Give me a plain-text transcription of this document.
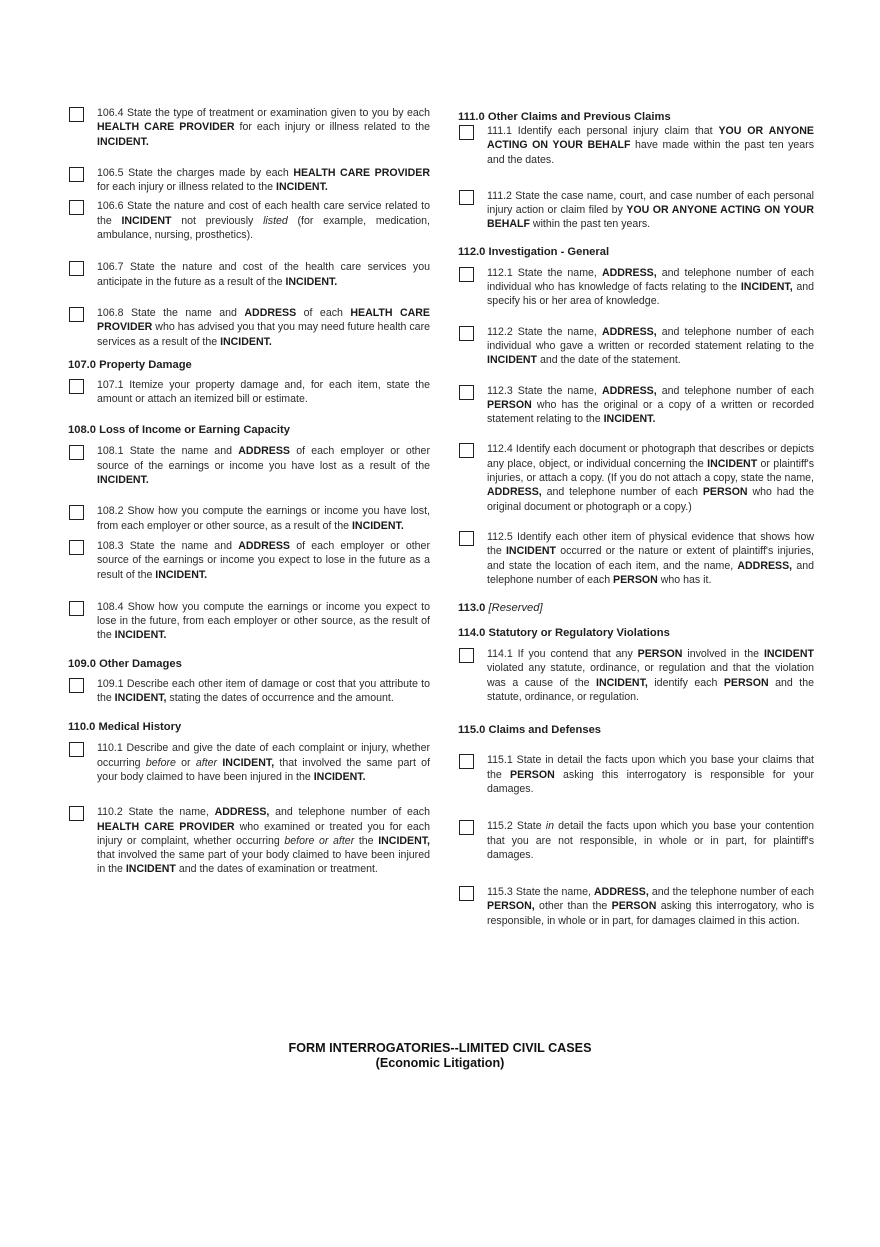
106.4 State the type of treatment or examination given to you by each HEALTH CARE PROVIDER for each injury or illness related to the INCIDENT.
106.5 State the charges made by each HEALTH CARE PROVIDER for each injury or illness related to the INCIDENT.
106.6 State the nature and cost of each health care service related to the INCIDENT not previously listed (for example, medication, ambulance, nursing, prosthetics).
106.7 State the nature and cost of the health care services you anticipate in the future as a result of the INCIDENT.
106.8 State the name and ADDRESS of each HEALTH CARE PROVIDER who has advised you that you may need future health care services as a result of the INCIDENT.
107.0 Property Damage
107.1 Itemize your property damage and, for each item, state the amount or attach an itemized bill or estimate.
108.0 Loss of Income or Earning Capacity
108.1 State the name and ADDRESS of each employer or other source of the earnings or income you have lost as a result of the INCIDENT.
108.2 Show how you compute the earnings or income you have lost, from each employer or other source, as a result of the INCIDENT.
108.3 State the name and ADDRESS of each employer or other source of the earnings or income you expect to lose in the future as a result of the INCIDENT.
108.4 Show how you compute the earnings or income you expect to lose in the future, from each employer or other source, as the result of the INCIDENT.
109.0 Other Damages
109.1 Describe each other item of damage or cost that you attribute to the INCIDENT, stating the dates of occurrence and the amount.
110.0 Medical History
110.1 Describe and give the date of each complaint or injury, whether occurring before or after INCIDENT, that involved the same part of your body claimed to have been injured in the INCIDENT.
110.2 State the name, ADDRESS, and telephone number of each HEALTH CARE PROVIDER who examined or treated you for each injury or complaint, whether occurring before or after the INCIDENT, that involved the same part of your body claimed to have been injured in the INCIDENT and the dates of examination or treatment.
111.0 Other Claims and Previous Claims
111.1 Identify each personal injury claim that YOU OR ANYONE ACTING ON YOUR BEHALF have made within the past ten years and the dates.
111.2 State the case name, court, and case number of each personal injury action or claim filed by YOU OR ANYONE ACTING ON YOUR BEHALF within the past ten years.
112.0 Investigation - General
112.1 State the name, ADDRESS, and telephone number of each individual who has knowledge of facts relating to the INCIDENT, and specify his or her area of knowledge.
112.2 State the name, ADDRESS, and telephone number of each individual who gave a written or recorded statement relating to the INCIDENT and the date of the statement.
112.3 State the name, ADDRESS, and telephone number of each PERSON who has the original or a copy of a written or recorded statement relating to the INCIDENT.
112.4 Identify each document or photograph that describes or depicts any place, object, or individual concerning the INCIDENT or plaintiff's injuries, or attach a copy. (If you do not attach a copy, state the name, ADDRESS, and telephone number of each PERSON who had the original document or photograph or a copy.)
112.5 Identify each other item of physical evidence that shows how the INCIDENT occurred or the nature or extent of plaintiff's injuries, and state the location of each item, and the name, ADDRESS, and telephone number of each PERSON who has it.
113.0 [Reserved]
114.0 Statutory or Regulatory Violations
114.1 If you contend that any PERSON involved in the INCIDENT violated any statute, ordinance, or regulation and that the violation was a cause of the INCIDENT, identify each PERSON and the statute, ordinance, or regulation.
115.0 Claims and Defenses
115.1 State in detail the facts upon which you base your claims that the PERSON asking this interrogatory is responsible for your damages.
115.2 State in detail the facts upon which you base your contention that you are not responsible, in whole or in part, for plaintiff's damages.
115.3 State the name, ADDRESS, and the telephone number of each PERSON, other than the PERSON asking this interrogatory, who is responsible, in whole or in part, for damages claimed in this action.
FORM INTERROGATORIES--LIMITED CIVIL CASES
(Economic Litigation)
